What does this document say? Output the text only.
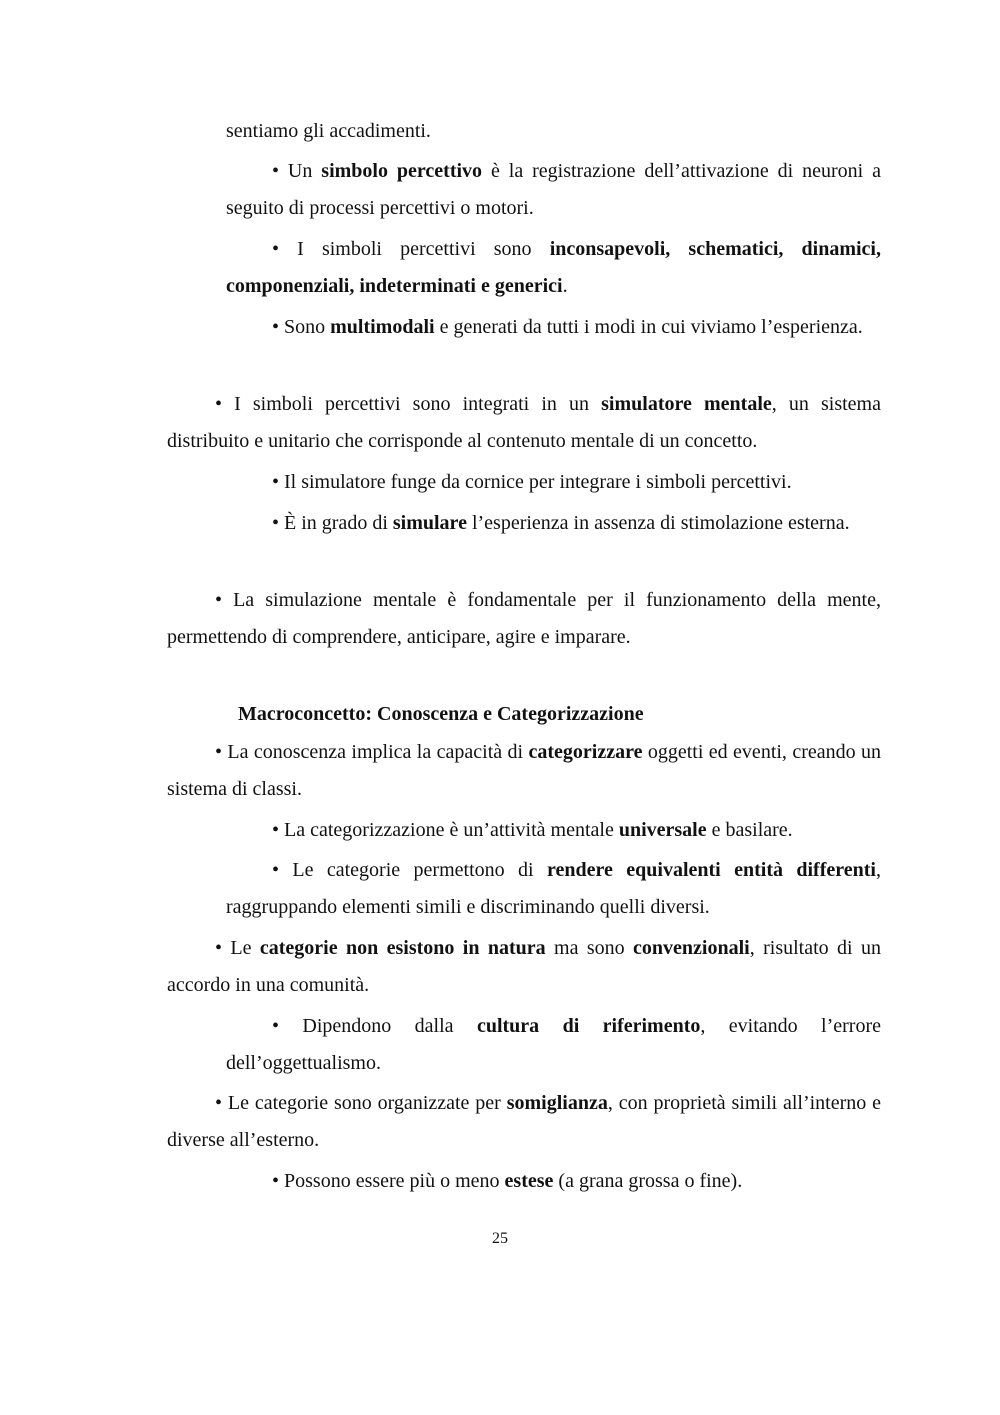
sentiamo gli accadimenti.

• Un simbolo percettivo è la registrazione dell’attivazione di neuroni a seguito di processi percettivi o motori.

• I simboli percettivi sono inconsapevoli, schematici, dinamici, componenziali, indeterminati e generici.

• Sono multimodali e generati da tutti i modi in cui viviamo l’esperienza.

• I simboli percettivi sono integrati in un simulatore mentale, un sistema distribuito e unitario che corrisponde al contenuto mentale di un concetto.

• Il simulatore funge da cornice per integrare i simboli percettivi.

• È in grado di simulare l’esperienza in assenza di stimolazione esterna.

• La simulazione mentale è fondamentale per il funzionamento della mente, permettendo di comprendere, anticipare, agire e imparare.

Macroconcetto: Conoscenza e Categorizzazione

• La conoscenza implica la capacità di categorizzare oggetti ed eventi, creando un sistema di classi.

• La categorizzazione è un’attività mentale universale e basilare.

• Le categorie permettono di rendere equivalenti entità differenti, raggruppando elementi simili e discriminando quelli diversi.

• Le categorie non esistono in natura ma sono convenzionali, risultato di un accordo in una comunità.

• Dipendono dalla cultura di riferimento, evitando l’errore dell’oggettualismo.

• Le categorie sono organizzate per somiglianza, con proprietà simili all’interno e diverse all’esterno.

• Possono essere più o meno estese (a grana grossa o fine).

25
